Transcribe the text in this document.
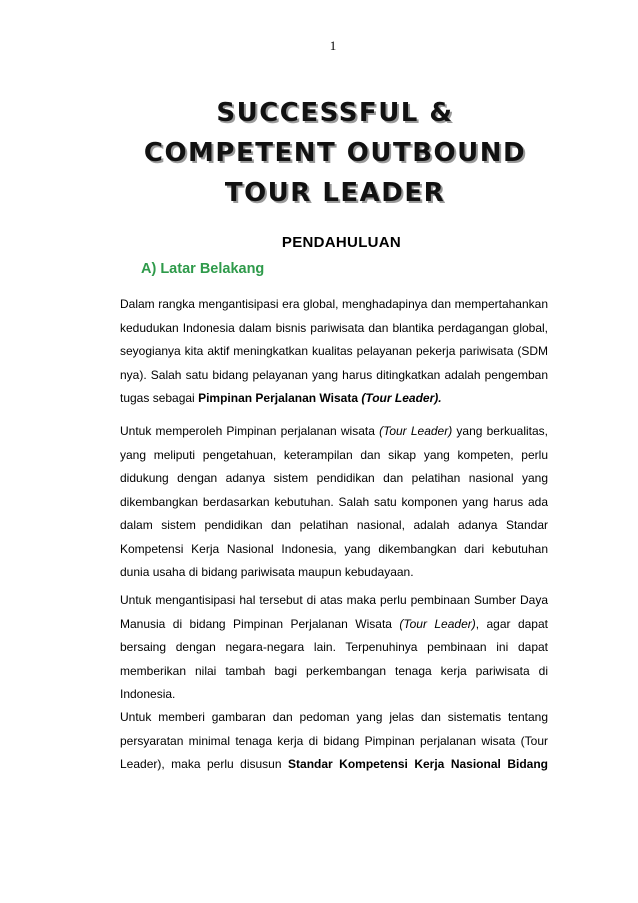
1
SUCCESSFUL &
COMPETENT OUTBOUND
TOUR LEADER
PENDAHULUAN
A) Latar Belakang
Dalam rangka mengantisipasi era global, menghadapinya dan mempertahankan kedudukan Indonesia dalam bisnis pariwisata dan blantika perdagangan global, seyogianya kita aktif meningkatkan kualitas pelayanan pekerja pariwisata (SDM nya). Salah satu bidang pelayanan yang harus ditingkatkan adalah pengemban tugas sebagai Pimpinan Perjalanan Wisata (Tour Leader).
Untuk memperoleh Pimpinan perjalanan wisata (Tour Leader) yang berkualitas, yang meliputi pengetahuan, keterampilan dan sikap yang kompeten, perlu didukung dengan adanya sistem pendidikan dan pelatihan nasional yang dikembangkan berdasarkan kebutuhan. Salah satu komponen yang harus ada dalam sistem pendidikan dan pelatihan nasional, adalah adanya Standar Kompetensi Kerja Nasional Indonesia, yang dikembangkan dari kebutuhan dunia usaha di bidang pariwisata maupun kebudayaan.
Untuk mengantisipasi hal tersebut di atas maka perlu pembinaan Sumber Daya Manusia di bidang Pimpinan Perjalanan Wisata (Tour Leader), agar dapat bersaing dengan negara-negara lain. Terpenuhinya pembinaan ini dapat memberikan nilai tambah bagi perkembangan tenaga kerja pariwisata di Indonesia.
Untuk memberi gambaran dan pedoman yang jelas dan sistematis tentang persyaratan minimal tenaga kerja di bidang Pimpinan perjalanan wisata (Tour Leader), maka perlu disusun Standar Kompetensi Kerja Nasional Bidang
